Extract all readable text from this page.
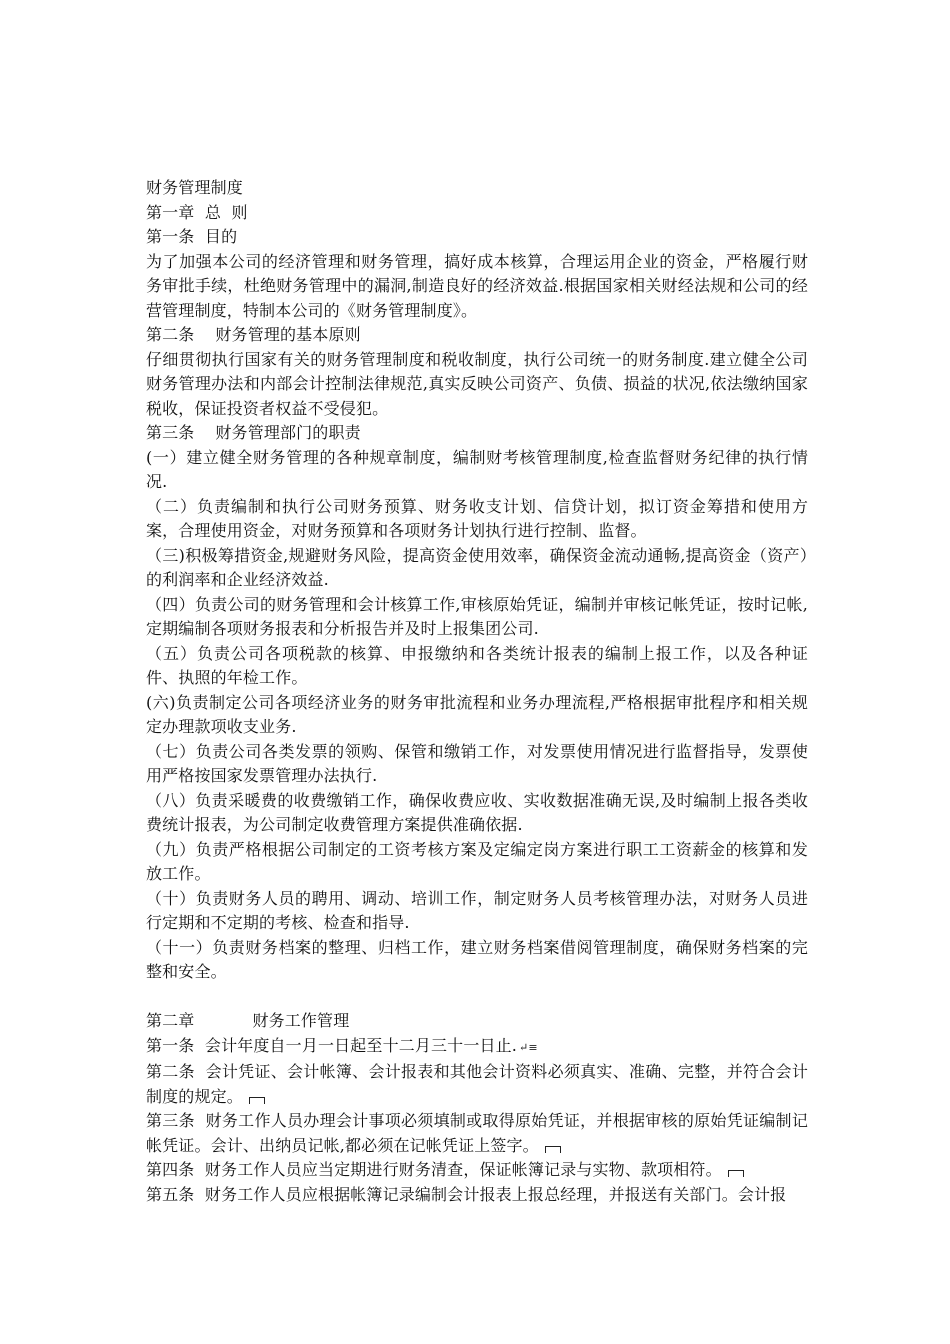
财务管理制度
第一章  总  则
第一条  目的

为了加强本公司的经济管理和财务管理，搞好成本核算，合理运用企业的资金，严格履行财务审批手续，杜绝财务管理中的漏洞,制造良好的经济效益.根据国家相关财经法规和公司的经营管理制度，特制本公司的《财务管理制度》。

第二条    财务管理的基本原则

仔细贯彻执行国家有关的财务管理制度和税收制度，执行公司统一的财务制度.建立健全公司财务管理办法和内部会计控制法律规范,真实反映公司资产、负债、损益的状况,依法缴纳国家税收，保证投资者权益不受侵犯。

第三条    财务管理部门的职责

(一）建立健全财务管理的各种规章制度，编制财考核管理制度,检查监督财务纪律的执行情况.

（二）负责编制和执行公司财务预算、财务收支计划、信贷计划，拟订资金筹措和使用方案，合理使用资金，对财务预算和各项财务计划执行进行控制、监督。

（三)积极筹措资金,规避财务风险，提高资金使用效率，确保资金流动通畅,提高资金（资产）的利润率和企业经济效益.

（四）负责公司的财务管理和会计核算工作,审核原始凭证，编制并审核记帐凭证，按时记帐,定期编制各项财务报表和分析报告并及时上报集团公司.

（五）负责公司各项税款的核算、申报缴纳和各类统计报表的编制上报工作，以及各种证件、执照的年检工作。

(六)负责制定公司各项经济业务的财务审批流程和业务办理流程,严格根据审批程序和相关规定办理款项收支业务.

（七）负责公司各类发票的领购、保管和缴销工作，对发票使用情况进行监督指导，发票使用严格按国家发票管理办法执行.

（八）负责采暖费的收费缴销工作，确保收费应收、实收数据准确无误,及时编制上报各类收费统计报表，为公司制定收费管理方案提供准确依据.

（九）负责严格根据公司制定的工资考核方案及定编定岗方案进行职工工资薪金的核算和发放工作。

（十）负责财务人员的聘用、调动、培训工作，制定财务人员考核管理办法，对财务人员进行定期和不定期的考核、检查和指导.

（十一）负责财务档案的整理、归档工作，建立财务档案借阅管理制度，确保财务档案的完整和安全。

第二章	财务工作管理

第一条  会计年度自一月一日起至十二月三十一日止. ↵≡

第二条  会计凭证、会计帐簿、会计报表和其他会计资料必须真实、准确、完整，并符合会计制度的规定。

第三条  财务工作人员办理会计事项必须填制或取得原始凭证，并根据审核的原始凭证编制记帐凭证。会计、出纳员记帐,都必须在记帐凭证上签字。

第四条  财务工作人员应当定期进行财务清查，保证帐簿记录与实物、款项相符。

第五条  财务工作人员应根据帐簿记录编制会计报表上报总经理，并报送有关部门。会计报
